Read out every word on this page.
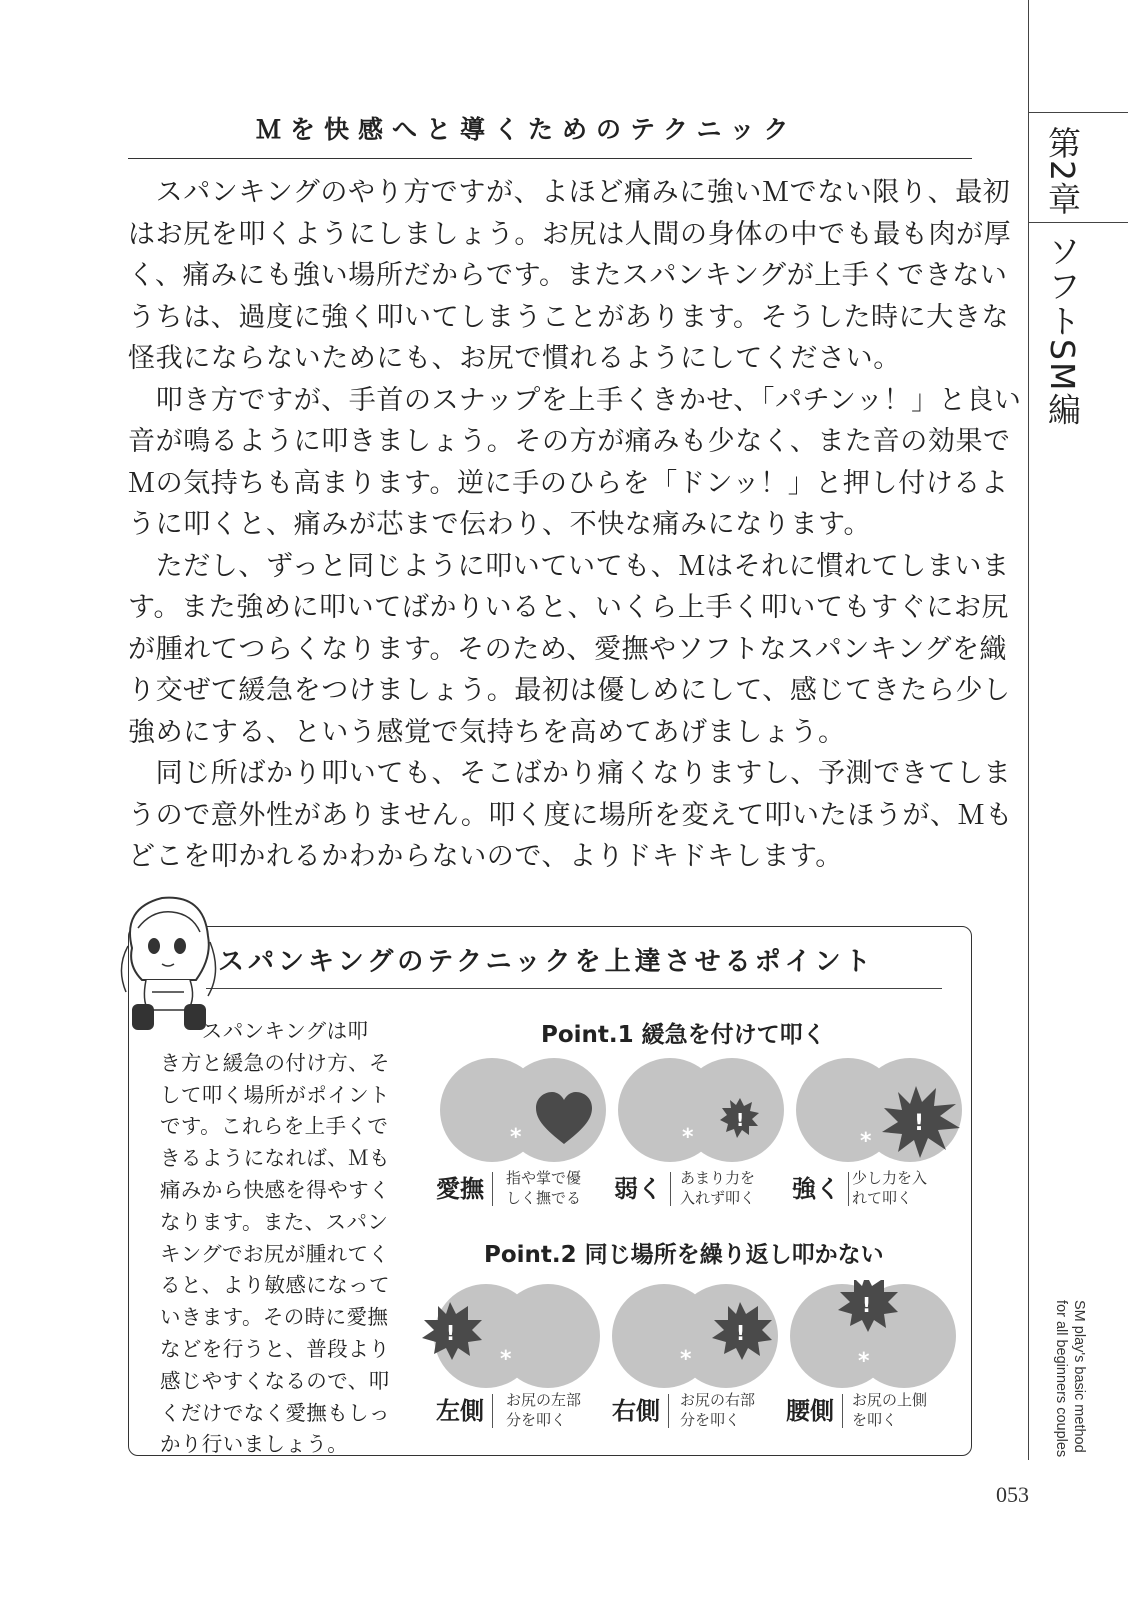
第2章
ソフトSM編
SM play's basic method for all beginners couples
053
Ｍを快感へと導くためのテクニック
　スパンキングのやり方ですが、よほど痛みに強いＭでない限り、最初
はお尻を叩くようにしましょう。お尻は人間の身体の中でも最も肉が厚
く、痛みにも強い場所だからです。またスパンキングが上手くできない
うちは、過度に強く叩いてしまうことがあります。そうした時に大きな
怪我にならないためにも、お尻で慣れるようにしてください。
　叩き方ですが、手首のスナップを上手くきかせ、「パチンッ！」と良い
音が鳴るように叩きましょう。その方が痛みも少なく、また音の効果で
Ｍの気持ちも高まります。逆に手のひらを「ドンッ！」と押し付けるよ
うに叩くと、痛みが芯まで伝わり、不快な痛みになります。
　ただし、ずっと同じように叩いていても、Ｍはそれに慣れてしまいま
す。また強めに叩いてばかりいると、いくら上手く叩いてもすぐにお尻
が腫れてつらくなります。そのため、愛撫やソフトなスパンキングを織
り交ぜて緩急をつけましょう。最初は優しめにして、感じてきたら少し
強めにする、という感覚で気持ちを高めてあげましょう。
　同じ所ばかり叩いても、そこばかり痛くなりますし、予測できてしま
うので意外性がありません。叩く度に場所を変えて叩いたほうが、Ｍも
どこを叩かれるかわからないので、よりドキドキします。
スパンキングのテクニックを上達させるポイント
　　スパンキングは叩
き方と緩急の付け方、そ
して叩く場所がポイント
です。これらを上手くで
きるようになれば、Ｍも
痛みから快感を得やすく
なります。また、スパン
キングでお尻が腫れてく
ると、より敏感になって
いきます。その時に愛撫
などを行うと、普段より
感じやすくなるので、叩
くだけでなく愛撫もしっ
かり行いましょう。
Point.1 緩急を付けて叩く
*
愛撫	指や掌で優
しく撫でる
!
*
弱く	あまり力を
入れず叩く
!
*
強く 少し力を入
れて叩く
Point.2 同じ場所を繰り返し叩かない
!
*
左側	お尻の左部
分を叩く
!
*
右側	お尻の右部
分を叩く
!
*
腰側	お尻の上側
を叩く
